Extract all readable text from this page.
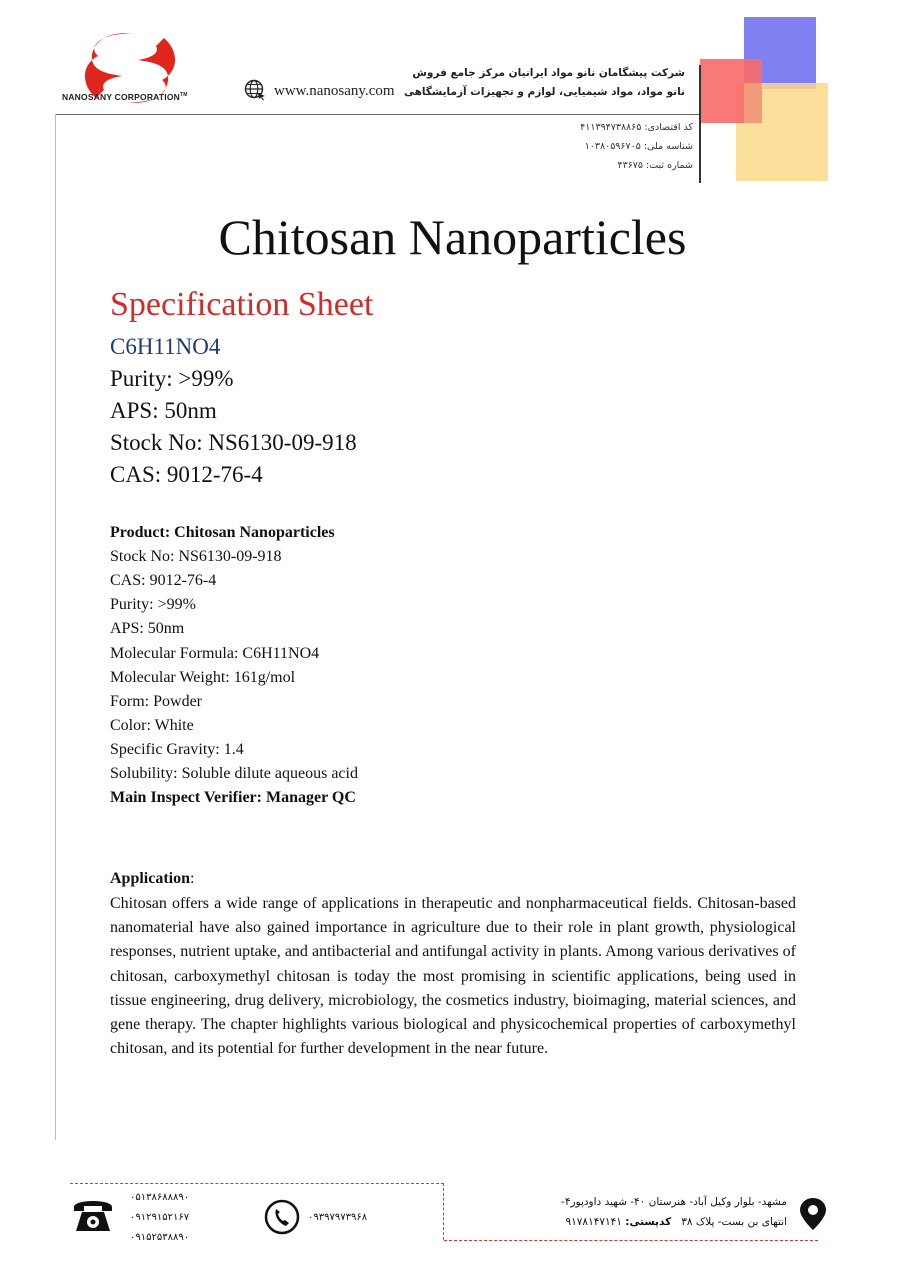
NANOSANY CORPORATION™	www.nanosany.com
شرکت پیشگامان نانو مواد ایرانیان مرکز جامع فروش
نانو مواد، مواد شیمیایی، لوازم و تجهیزات آزمایشگاهی
کد اقتصادی: ۴۱۱۳۹۴۷۳۸۸۶۵
شناسه ملی: ۱۰۳۸۰۵۹۶۷۰۵
شماره ثبت: ۴۳۶۷۵
Chitosan Nanoparticles
Specification Sheet
C6H11NO4
Purity: >99%
APS: 50nm
Stock No: NS6130-09-918
CAS: 9012-76-4
Product: Chitosan Nanoparticles
Stock No: NS6130-09-918
CAS: 9012-76-4
Purity: >99%
APS: 50nm
Molecular Formula: C6H11NO4
Molecular Weight: 161g/mol
Form: Powder
Color: White
Specific Gravity: 1.4
Solubility: Soluble dilute aqueous acid
Main Inspect Verifier: Manager QC
Application:

Chitosan offers a wide range of applications in therapeutic and nonpharmaceutical fields. Chitosan-based nanomaterial have also gained importance in agriculture due to their role in plant growth, physiological responses, nutrient uptake, and antibacterial and antifungal activity in plants. Among various derivatives of chitosan, carboxymethyl chitosan is today the most promising in scientific applications, being used in tissue engineering, drug delivery, microbiology, the cosmetics industry, bioimaging, material sciences, and gene therapy. The chapter highlights various biological and physicochemical properties of carboxymethyl chitosan, and its potential for further development in the near future.

۰۵۱۳۸۶۸۸۸۹۰
۰۹۱۲۹۱۵۲۱۶۷
۰۹۱۵۲۵۳۸۸۹۰
۰۹۳۹۷۹۷۳۹۶۸
مشهد- بلوار وکیل آباد- هنرستان ۴۰- شهید داودپور۴-
انتهای بن بست- پلاک ۳۸   کدپستی: ۹۱۷۸۱۴۷۱۴۱
